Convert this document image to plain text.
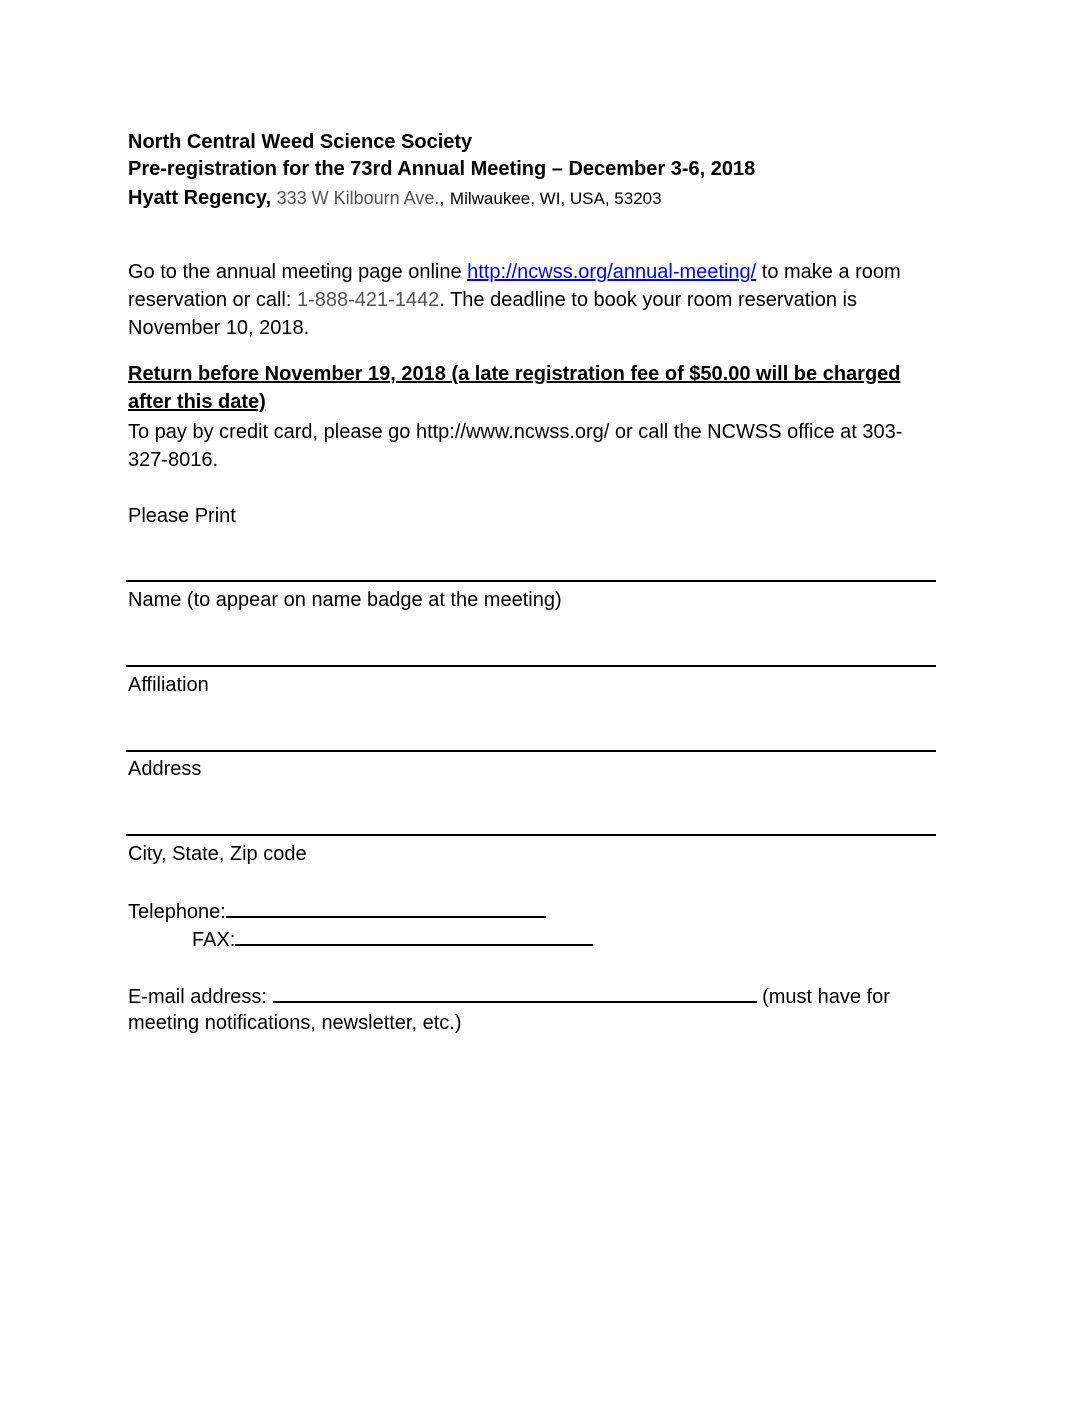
North Central Weed Science Society
Pre-registration for the 73rd Annual Meeting – December 3-6, 2018
Hyatt Regency, 333 W Kilbourn Ave., Milwaukee, WI, USA, 53203
Go to the annual meeting page online http://ncwss.org/annual-meeting/ to make a room
reservation or call: 1-888-421-1442. The deadline to book your room reservation is
November 10, 2018.
Return before November 19, 2018 (a late registration fee of $50.00 will be charged
after this date)
To pay by credit card, please go http://www.ncwss.org/ or call the NCWSS office at 303-
327-8016.
Please Print
Name (to appear on name badge at the meeting)
Affiliation
Address
City, State, Zip code
Telephone:
FAX:
E-mail address:	(must have for
meeting notifications, newsletter, etc.)
